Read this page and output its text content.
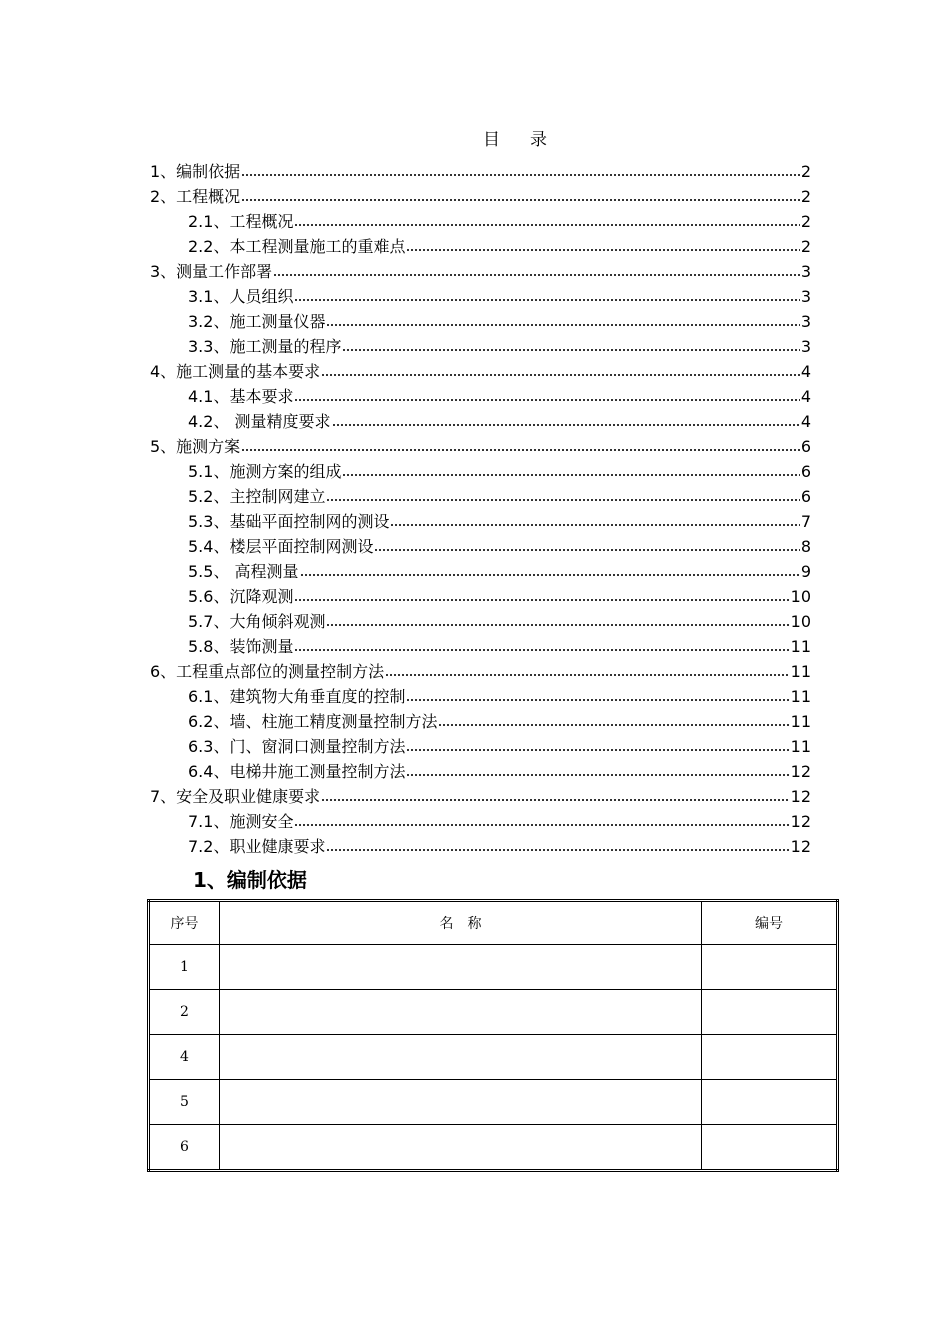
目 录
1、编制依据	2
2、工程概况	2
2.1、工程概况	2
2.2、本工程测量施工的重难点	2
3、测量工作部署	3
3.1、人员组织	3
3.2、施工测量仪器	3
3.3、施工测量的程序	3
4、施工测量的基本要求	4
4.1、基本要求	4
4.2、 测量精度要求	4
5、施测方案	6
5.1、施测方案的组成	6
5.2、主控制网建立	6
5.3、基础平面控制网的测设	7
5.4、楼层平面控制网测设	8
5.5、 高程测量	9
5.6、沉降观测	10
5.7、大角倾斜观测	10
5.8、装饰测量	11
6、工程重点部位的测量控制方法	11
6.1、建筑物大角垂直度的控制	11
6.2、墙、柱施工精度测量控制方法	11
6.3、门、窗洞口测量控制方法	11
6.4、电梯井施工测量控制方法	12
7、安全及职业健康要求	12
7.1、施测安全	12
7.2、职业健康要求	12
1、编制依据
序号	名　称	编号
1		
2		
4		
5		
6		
